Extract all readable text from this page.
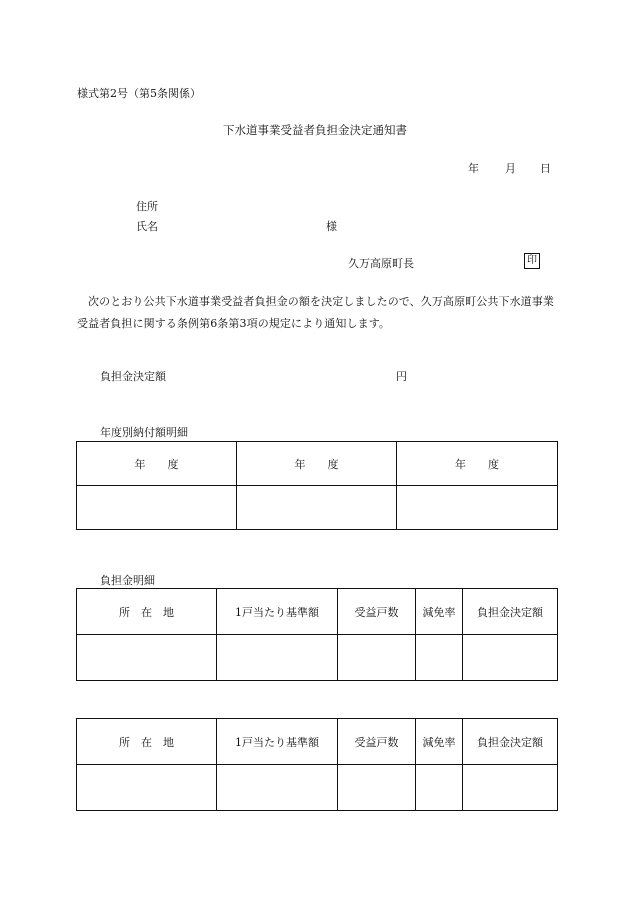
様式第2号（第5条関係）
下水道事業受益者負担金決定通知書
年 月 日
住所
氏名	様
久万高原町長	印
次のとおり公共下水道事業受益者負担金の額を決定しましたので、久万高原町公共下水道事業受益者負担に関する条例第6条第3項の規定により通知します。
負担金決定額	円
年度別納付額明細
年　　度	年　　度	年　　度

負担金明細
所　在　地	1戸当たり基準額	受益戸数	減免率	負担金決定額

所　在　地	1戸当たり基準額	受益戸数	減免率	負担金決定額
